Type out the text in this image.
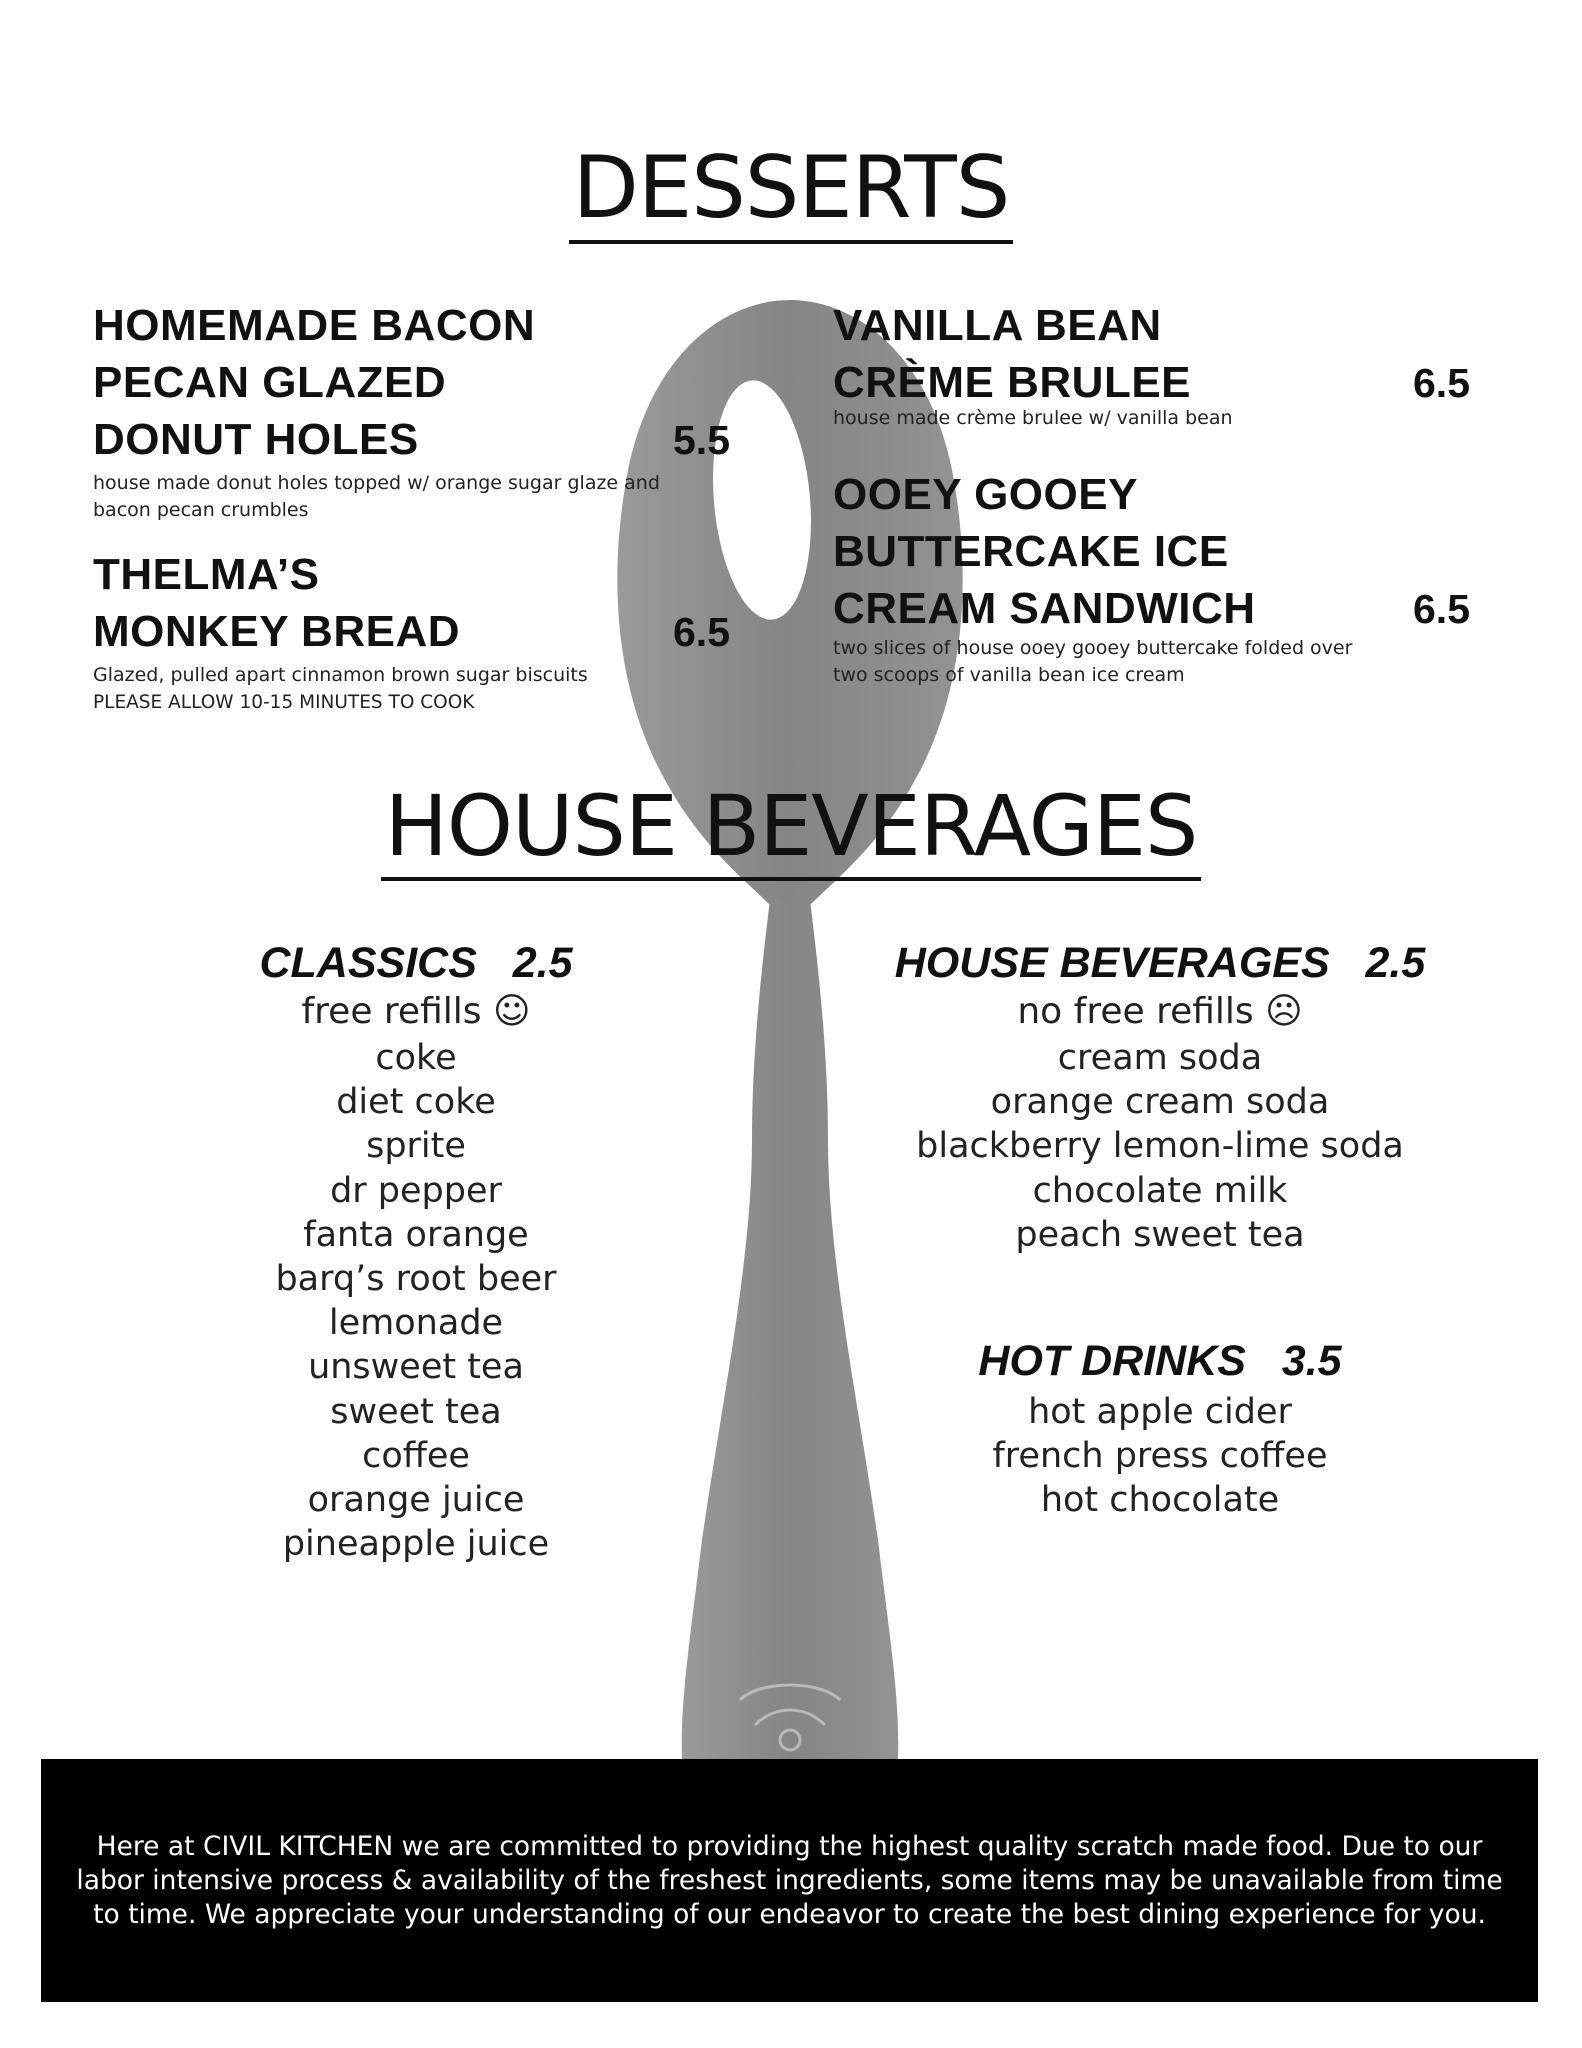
DESSERTS
HOMEMADE BACON
PECAN GLAZED
DONUT HOLES	5.5
house made donut holes topped w/ orange sugar glaze and
bacon pecan crumbles
THELMA’S
MONKEY BREAD	6.5
Glazed, pulled apart cinnamon brown sugar biscuits
PLEASE ALLOW 10-15 MINUTES TO COOK
VANILLA BEAN
CRÈME BRULEE	6.5
house made crème brulee w/ vanilla bean
OOEY GOOEY
BUTTERCAKE ICE
CREAM SANDWICH	6.5
two slices of house ooey gooey buttercake folded over
two scoops of vanilla bean ice cream
HOUSE BEVERAGES
CLASSICS   2.5
free refills ☺
coke
diet coke
sprite
dr pepper
fanta orange
barq’s root beer
lemonade
unsweet tea
sweet tea
coffee
orange juice
pineapple juice
HOUSE BEVERAGES   2.5
no free refills ☹
cream soda
orange cream soda
blackberry lemon-lime soda
chocolate milk
peach sweet tea
HOT DRINKS   3.5
hot apple cider
french press coffee
hot chocolate

Here at CIVIL KITCHEN we are committed to providing the highest quality scratch made food. Due to our labor intensive process & availability of the freshest ingredients, some items may be unavailable from time to time. We appreciate your understanding of our endeavor to create the best dining experience for you.
